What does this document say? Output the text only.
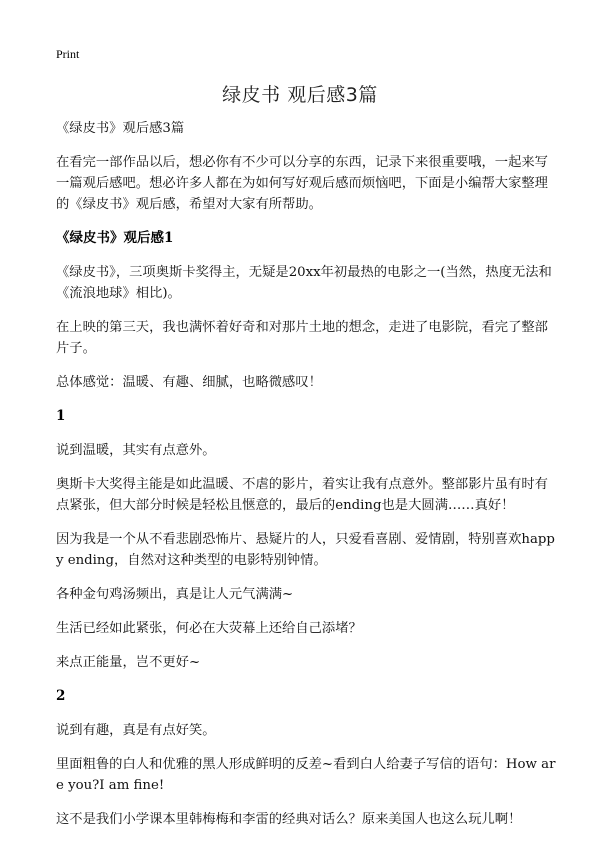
Print
绿皮书 观后感3篇

《绿皮书》观后感3篇

在看完一部作品以后，想必你有不少可以分享的东西，记录下来很重要哦，一起来写一篇观后感吧。想必许多人都在为如何写好观后感而烦恼吧，下面是小编帮大家整理的《绿皮书》观后感，希望对大家有所帮助。

《绿皮书》观后感1

《绿皮书》，三项奥斯卡奖得主，无疑是20xx年初最热的电影之一(当然，热度无法和《流浪地球》相比)。

在上映的第三天，我也满怀着好奇和对那片土地的想念，走进了电影院，看完了整部片子。

总体感觉：温暖、有趣、细腻，也略微感叹！

1

说到温暖，其实有点意外。

奥斯卡大奖得主能是如此温暖、不虐的影片，着实让我有点意外。整部影片虽有时有点紧张，但大部分时候是轻松且惬意的，最后的ending也是大圆满……真好！

因为我是一个从不看悲剧恐怖片、悬疑片的人，只爱看喜剧、爱情剧，特别喜欢happy ending，自然对这种类型的电影特别钟情。

各种金句鸡汤频出，真是让人元气满满~

生活已经如此紧张，何必在大荧幕上还给自己添堵？

来点正能量，岂不更好~

2

说到有趣，真是有点好笑。

里面粗鲁的白人和优雅的黑人形成鲜明的反差~看到白人给妻子写信的语句：How are you?I am fine!

这不是我们小学课本里韩梅梅和李雷的经典对话么？原来美国人也这么玩儿啊！
